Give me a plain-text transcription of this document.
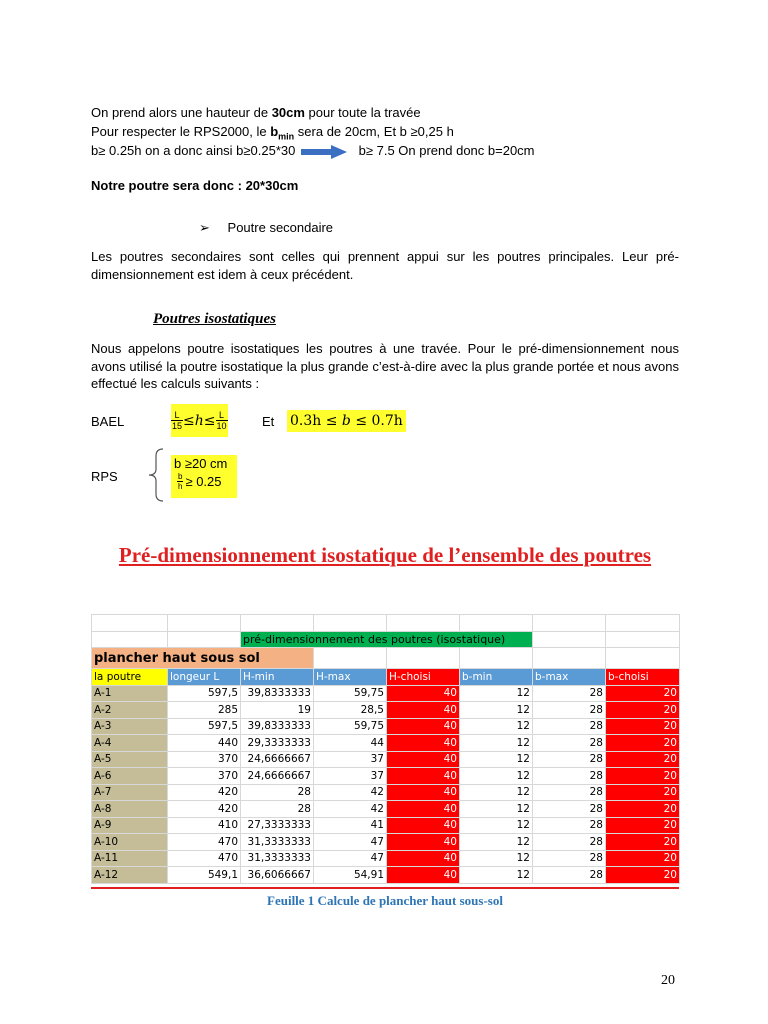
On prend alors une hauteur de 30cm pour toute la travée
Pour respecter le RPS2000, le $b_{min}$ sera de 20cm, Et b ≥0,25 h
b≥ 0.25h on a donc ainsi b≥0.25*30	b≥ 7.5 On prend donc b=20cm
Notre poutre sera donc : 20*30cm
➢ Poutre secondaire
Les poutres secondaires sont celles qui prennent appui sur les poutres principales. Leur pré-dimensionnement est idem à ceux précédent.
Poutres isostatiques
Nous appelons poutre isostatiques les poutres à une travée. Pour le pré-dimensionnement nous avons utilisé la poutre isostatique la plus grande c’est-à-dire avec la plus grande portée et nous avons effectué les calculs suivants :
BAEL	$\frac{L}{15} \le h \le \frac{L}{10}$	Et 0.3h ≤ b ≤ 0.7h
RPS
b ≥20 cm
$\frac{b}{h} \ge 0.25$
Pré-dimensionnement isostatique de l’ensemble des poutres

		pré-dimensionnement des poutres (isostatique)					
plancher haut sous sol							
la poutre	longeur L	H-min	H-max	H-choisi	b-min	b-max	b-choisi
A-1	597,5	39,8333333	59,75	40	12	28	20
A-2	285	19	28,5	40	12	28	20
A-3	597,5	39,8333333	59,75	40	12	28	20
A-4	440	29,3333333	44	40	12	28	20
A-5	370	24,6666667	37	40	12	28	20
A-6	370	24,6666667	37	40	12	28	20
A-7	420	28	42	40	12	28	20
A-8	420	28	42	40	12	28	20
A-9	410	27,3333333	41	40	12	28	20
A-10	470	31,3333333	47	40	12	28	20
A-11	470	31,3333333	47	40	12	28	20
A-12	549,1	36,6066667	54,91	40	12	28	20
Feuille 1 Calcule de plancher haut sous-sol
20
